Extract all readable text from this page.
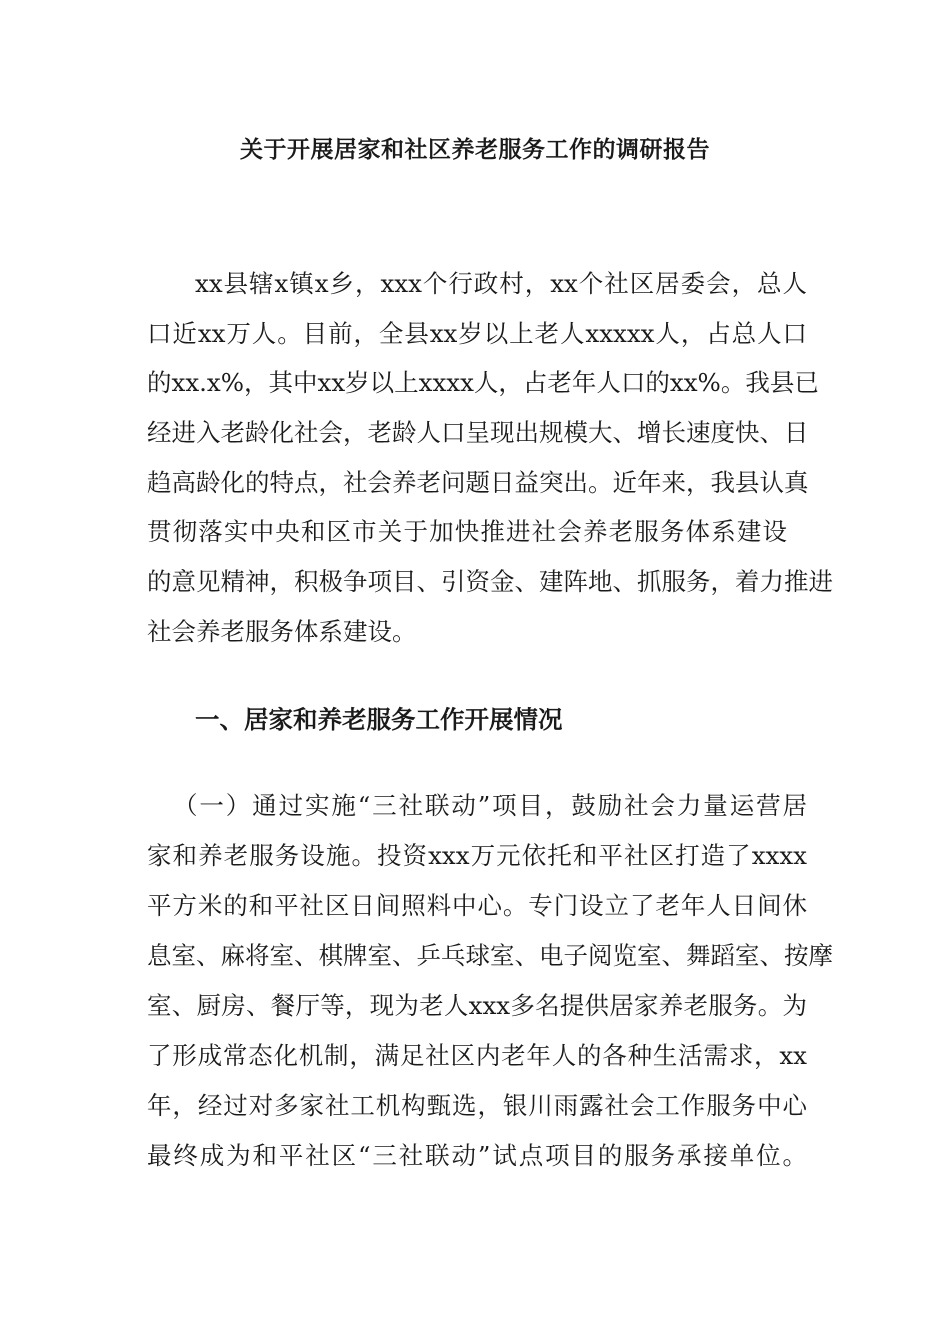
关于开展居家和社区养老服务工作的调研报告
xx县辖x镇x乡，xxx个行政村，xx个社区居委会，总人
口近xx万人。目前，全县xx岁以上老人xxxxx人，占总人口
的xx.x%，其中xx岁以上xxxx人，占老年人口的xx%。我县已
经进入老龄化社会，老龄人口呈现出规模大、增长速度快、日
趋高龄化的特点，社会养老问题日益突出。近年来，我县认真
贯彻落实中央和区市关于加快推进社会养老服务体系建设
的意见精神，积极争项目、引资金、建阵地、抓服务，着力推进
社会养老服务体系建设。
一、居家和养老服务工作开展情况
（一）通过实施“三社联动”项目，鼓励社会力量运营居
家和养老服务设施。投资xxx万元依托和平社区打造了xxxx
平方米的和平社区日间照料中心。专门设立了老年人日间休
息室、麻将室、棋牌室、乒乓球室、电子阅览室、舞蹈室、按摩
室、厨房、餐厅等，现为老人xxx多名提供居家养老服务。为
了形成常态化机制，满足社区内老年人的各种生活需求，xx
年，经过对多家社工机构甄选，银川雨露社会工作服务中心
最终成为和平社区“三社联动”试点项目的服务承接单位。
